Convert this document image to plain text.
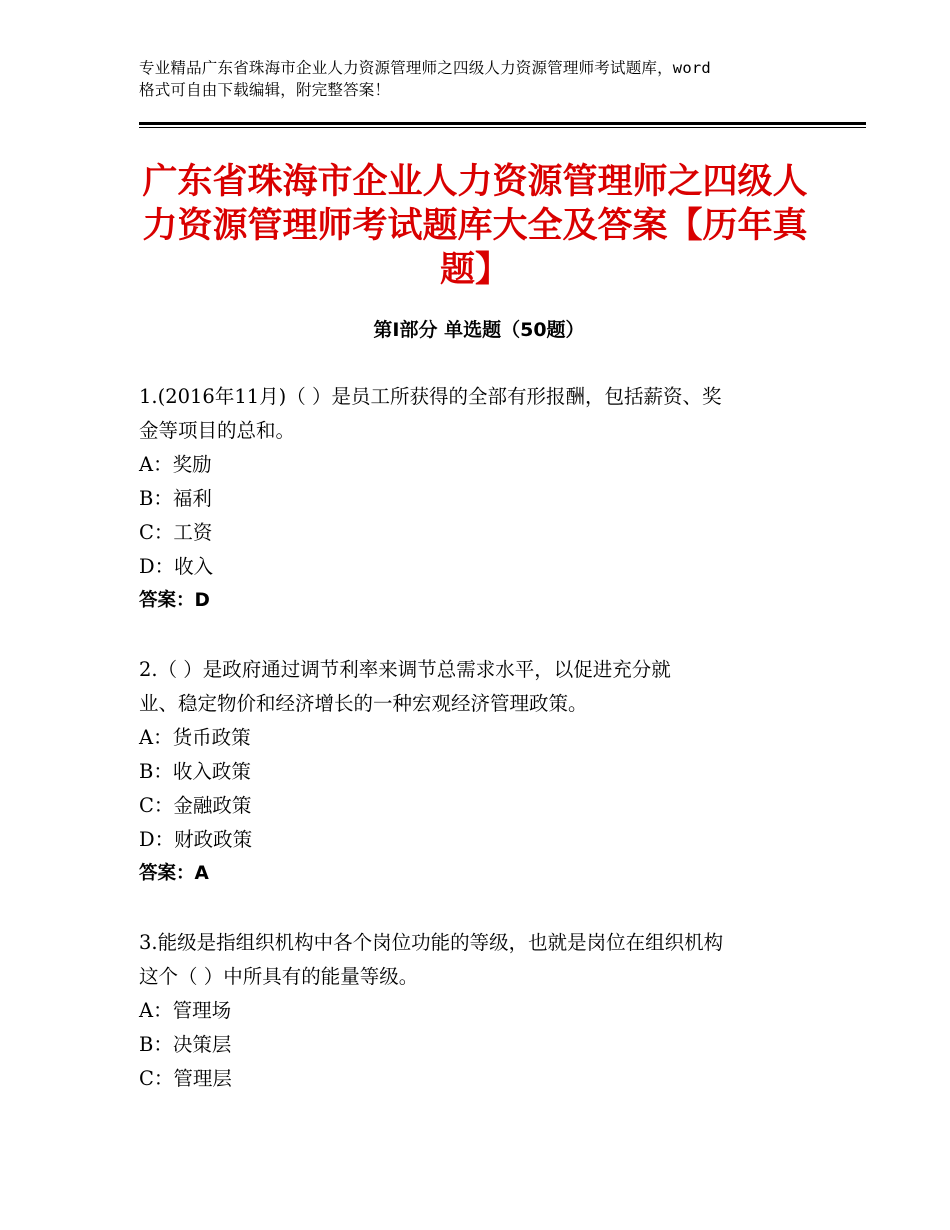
专业精品广东省珠海市企业人力资源管理师之四级人力资源管理师考试题库，word
格式可自由下载编辑，附完整答案！
广东省珠海市企业人力资源管理师之四级人
力资源管理师考试题库大全及答案【历年真
题】
第Ⅰ部分 单选题（50题）

1.(2016年11月)（ ）是员工所获得的全部有形报酬，包括薪资、奖

金等项目的总和。

A：奖励

B：福利

C：工资

D：收入

答案：D

2.（ ）是政府通过调节利率来调节总需求水平，以促进充分就

业、稳定物价和经济增长的一种宏观经济管理政策。

A：货币政策

B：收入政策

C：金融政策

D：财政政策

答案：A

3.能级是指组织机构中各个岗位功能的等级，也就是岗位在组织机构

这个（ ）中所具有的能量等级。

A：管理场

B：决策层

C：管理层
